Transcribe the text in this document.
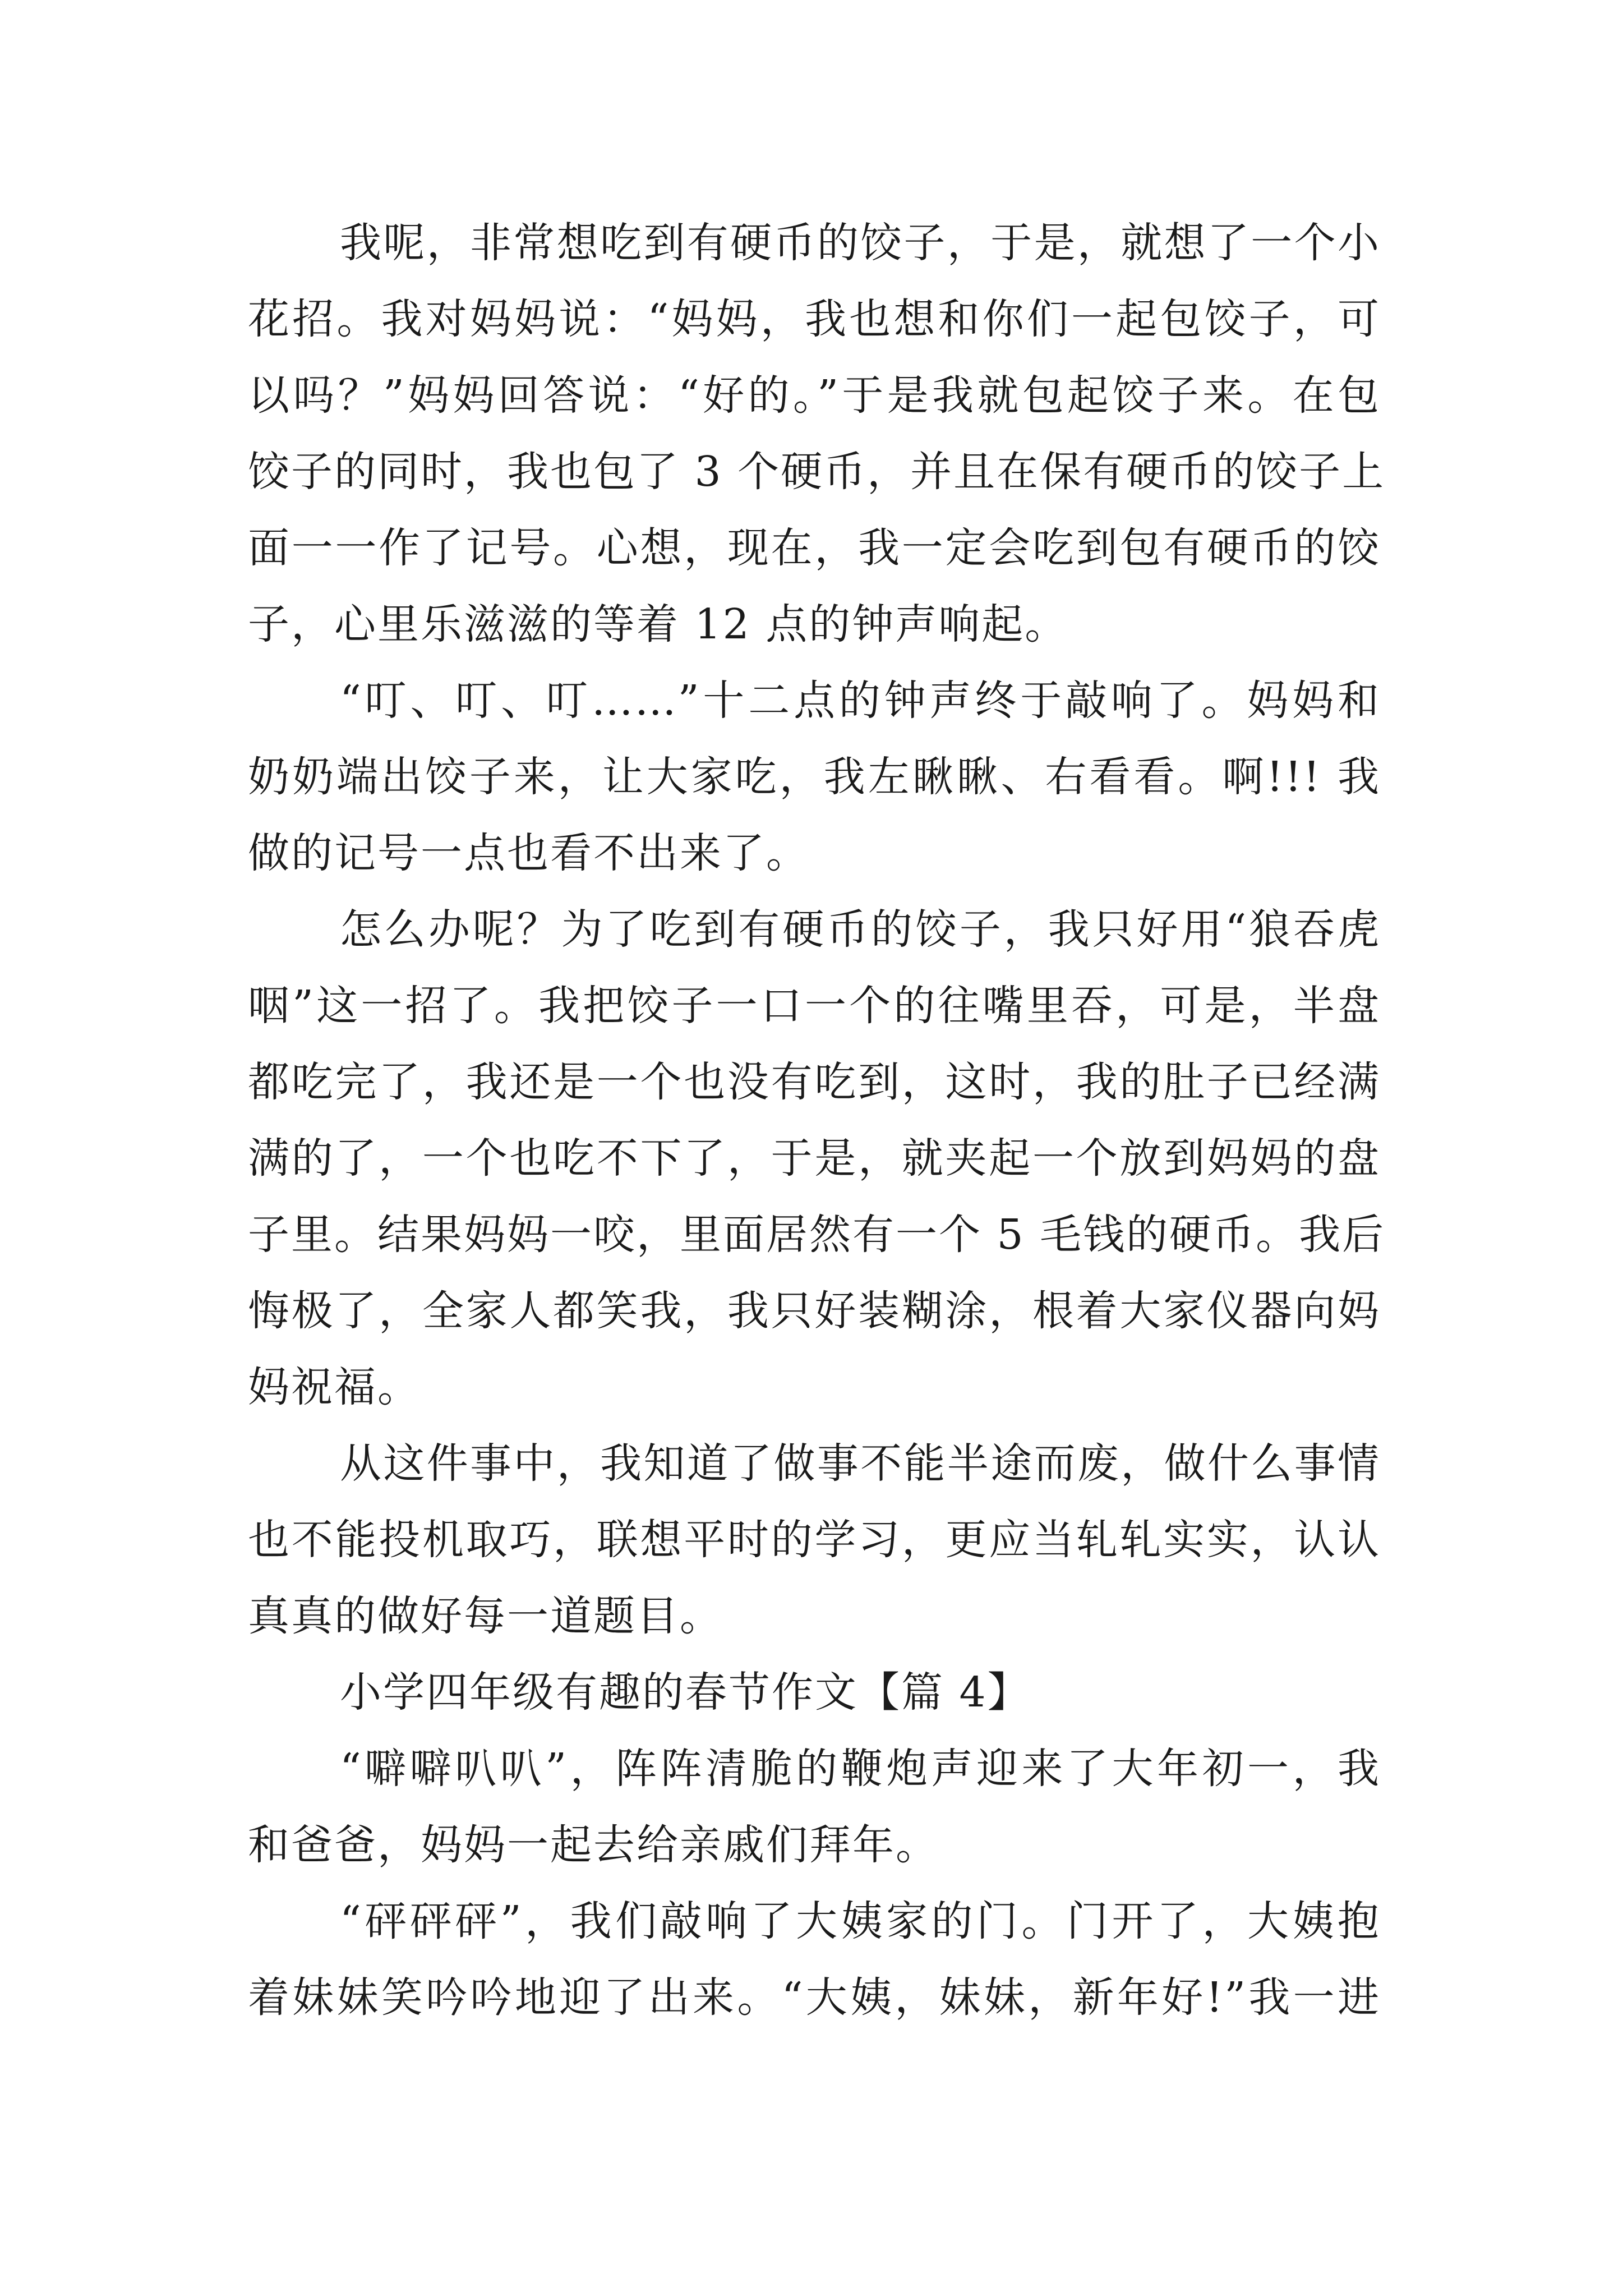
我呢，非常想吃到有硬币的饺子，于是，就想了一个小
花招。我对妈妈说：“妈妈，我也想和你们一起包饺子，可
以吗？”妈妈回答说：“好的。”于是我就包起饺子来。在包
饺子的同时，我也包了 3 个硬币，并且在保有硬币的饺子上
面一一作了记号。心想，现在，我一定会吃到包有硬币的饺
子，心里乐滋滋的等着 12 点的钟声响起。
“叮、叮、叮……”十二点的钟声终于敲响了。妈妈和
奶奶端出饺子来，让大家吃，我左瞅瞅、右看看。啊!!! 我
做的记号一点也看不出来了。
怎么办呢？为了吃到有硬币的饺子，我只好用“狼吞虎
咽”这一招了。我把饺子一口一个的往嘴里吞，可是，半盘
都吃完了，我还是一个也没有吃到，这时，我的肚子已经满
满的了，一个也吃不下了，于是，就夹起一个放到妈妈的盘
子里。结果妈妈一咬，里面居然有一个 5 毛钱的硬币。我后
悔极了，全家人都笑我，我只好装糊涂，根着大家仪器向妈
妈祝福。
从这件事中，我知道了做事不能半途而废，做什么事情
也不能投机取巧，联想平时的学习，更应当轧轧实实，认认
真真的做好每一道题目。
小学四年级有趣的春节作文【篇 4】
“噼噼叭叭”，阵阵清脆的鞭炮声迎来了大年初一，我
和爸爸，妈妈一起去给亲戚们拜年。
“砰砰砰”，我们敲响了大姨家的门。门开了，大姨抱
着妹妹笑吟吟地迎了出来。“大姨，妹妹，新年好!”我一进
